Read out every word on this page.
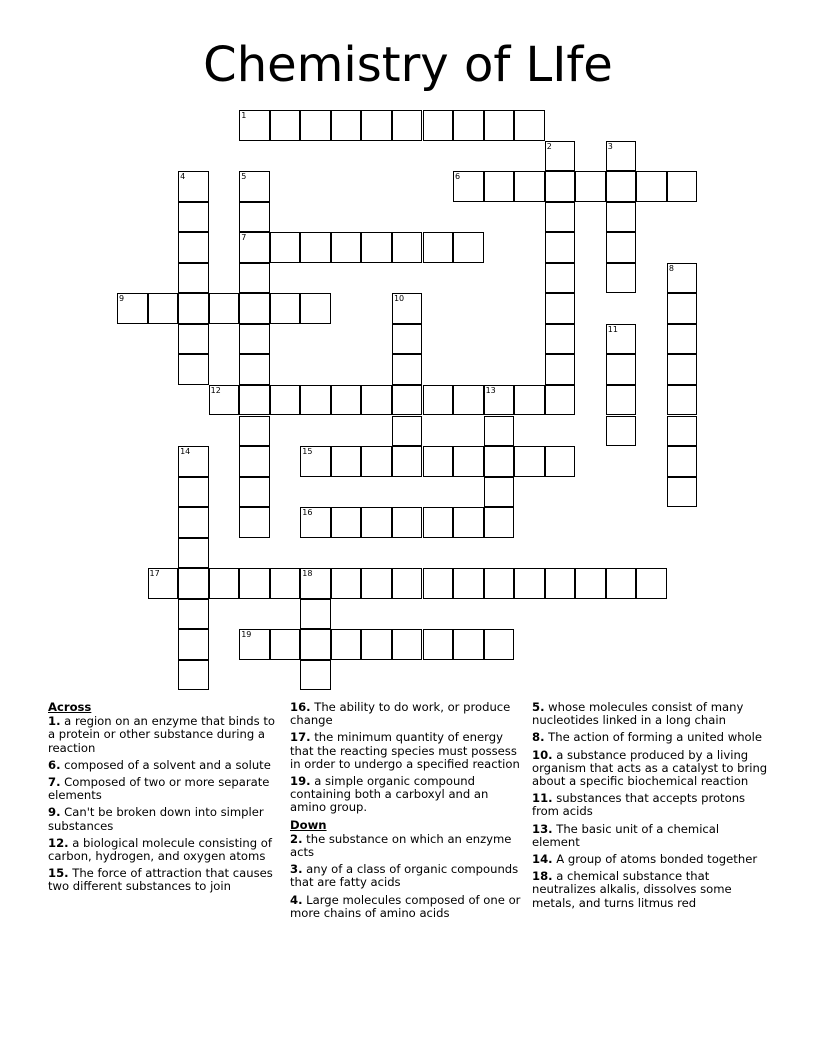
Chemistry of LIfe
1
2	3
4	5
7
6
8
9	10
11
12	13
14	15
16
17	18
19
Across
1. a region on an enzyme that binds to a protein or other substance during a reaction
6. composed of a solvent and a solute
7. Composed of two or more separate elements
9. Can't be broken down into simpler substances
12. a biological molecule consisting of carbon, hydrogen, and oxygen atoms
15. The force of attraction that causes two different substances to join
16. The ability to do work, or produce change
17. the minimum quantity of energy that the reacting species must possess in order to undergo a specified reaction
19. a simple organic compound containing both a carboxyl and an amino group.
Down
2. the substance on which an enzyme acts
3. any of a class of organic compounds that are fatty acids
4. Large molecules composed of one or more chains of amino acids
5. whose molecules consist of many nucleotides linked in a long chain
8. The action of forming a united whole
10. a substance produced by a living organism that acts as a catalyst to bring about a specific biochemical reaction
11. substances that accepts protons from acids
13. The basic unit of a chemical element
14. A group of atoms bonded together
18. a chemical substance that neutralizes alkalis, dissolves some metals, and turns litmus red
